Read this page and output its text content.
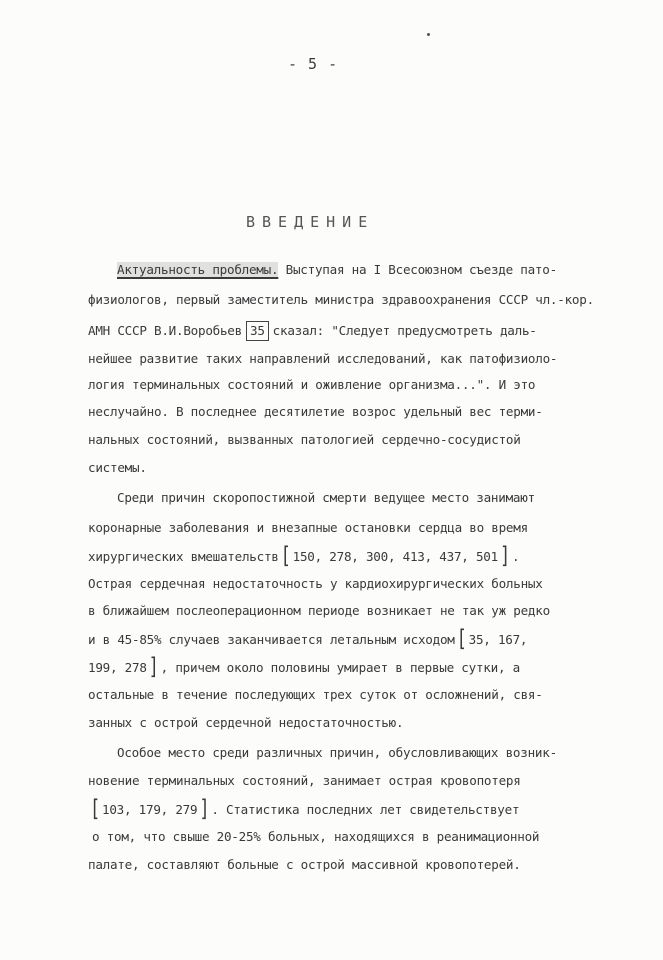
- 5 -
ВВЕДЕНИЕ
Актуальность проблемы. Выступая на I Всесоюзном съезде пато-
физиологов, первый заместитель министра здравоохранения СССР чл.-кор.
АМН СССР В.И.Воробьев 35 сказал: "Следует предусмотреть даль-
нейшее развитие таких направлений исследований, как патофизиоло-
логия терминальных состояний и оживление организма...". И это
неслучайно. В последнее десятилетие возрос удельный вес терми-
нальных состояний, вызванных патологией сердечно-сосудистой
системы.
Среди причин скоропостижной смерти ведущее место занимают
коронарные заболевания и внезапные остановки сердца во время
хирургических вмешательств [ 150, 278, 300, 413, 437, 501 ] .
Острая сердечная недостаточность у кардиохирургических больных
в ближайшем послеоперационном периоде возникает не так уж редко
и в 45-85% случаев заканчивается летальным исходом [ 35, 167,
199, 278 ] , причем около половины умирает в первые сутки, а
остальные в течение последующих трех суток от осложнений, свя-
занных с острой сердечной недостаточностью.
Особое место среди различных причин, обусловливающих возник-
новение терминальных состояний, занимает острая кровопотеря
[ 103, 179, 279 ] . Статистика последних лет свидетельствует
о том, что свыше 20-25% больных, находящихся в реанимационной
палате, составляют больные с острой массивной кровопотерей.
